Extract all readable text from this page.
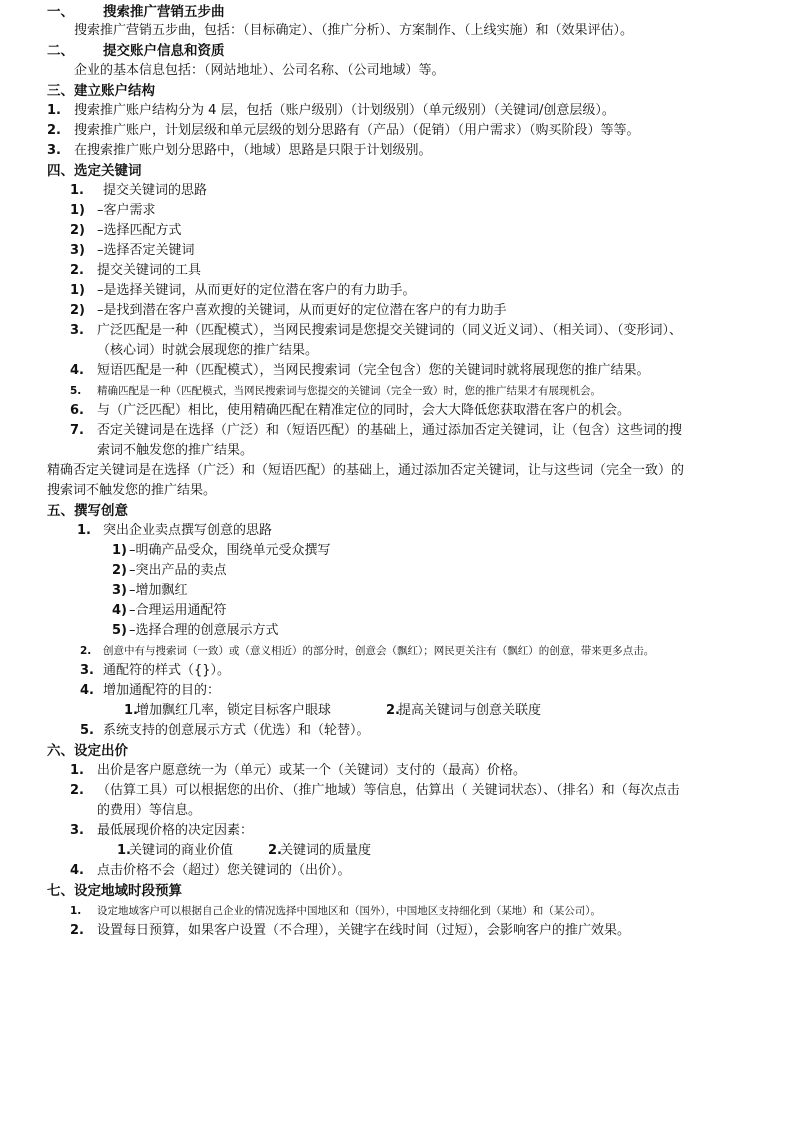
一、 搜索推广营销五步曲
搜索推广营销五步曲，包括：（目标确定）、（推广分析）、方案制作、（上线实施）和（效果评估）。
二、 提交账户信息和资质
企业的基本信息包括：（网站地址）、公司名称、（公司地域）等。
三、建立账户结构
1. 搜索推广账户结构分为 4 层，包括（账户级别）（计划级别）（单元级别）（关键词/创意层级）。
2. 搜索推广账户，计划层级和单元层级的划分思路有（产品）（促销）（用户需求）（购买阶段）等等。
3. 在搜索推广账户划分思路中，（地域）思路是只限于计划级别。
四、选定关键词
1. 提交关键词的思路
1) –客户需求
2) –选择匹配方式
3) –选择否定关键词
2. 提交关键词的工具
1) –是选择关键词，从而更好的定位潜在客户的有力助手。
2) –是找到潜在客户喜欢搜的关键词，从而更好的定位潜在客户的有力助手
3. 广泛匹配是一种（匹配模式），当网民搜索词是您提交关键词的（同义近义词）、（相关词）、（变形词）、
（核心词）时就会展现您的推广结果。
4. 短语匹配是一种（匹配模式），当网民搜索词（完全包含）您的关键词时就将展现您的推广结果。
5. 精确匹配是一种（匹配模式，当网民搜索词与您提交的关键词（完全一致）时，您的推广结果才有展现机会。
6. 与（广泛匹配）相比，使用精确匹配在精准定位的同时，会大大降低您获取潜在客户的机会。
7. 否定关键词是在选择（广泛）和（短语匹配）的基础上，通过添加否定关键词，让（包含）这些词的搜
索词不触发您的推广结果。
精确否定关键词是在选择（广泛）和（短语匹配）的基础上，通过添加否定关键词，让与这些词（完全一致）的
搜索词不触发您的推广结果。
五、撰写创意
1. 突出企业卖点撰写创意的思路
1) –明确产品受众，围绕单元受众撰写
2) –突出产品的卖点
3) –增加飘红
4) –合理运用通配符
5) –选择合理的创意展示方式
2. 创意中有与搜索词（一致）或（意义相近）的部分时，创意会（飘红）；网民更关注有（飘红）的创意，带来更多点击。
3. 通配符的样式（{}）。
4. 增加通配符的目的：
1.
增加飘红几率，锁定目标客户眼球	2.
提高关键词与创意关联度
5. 系统支持的创意展示方式（优选）和（轮替）。
六、设定出价
1. 出价是客户愿意统一为（单元）或某一个（关键词）支付的（最高）价格。
2. （估算工具）可以根据您的出价、（推广地域）等信息，估算出（ 关键词状态）、（排名）和（每次点击
的费用）等信息。
3. 最低展现价格的决定因素：
1.
关键词的商业价值	2.
关键词的质量度
4. 点击价格不会（超过）您关键词的（出价）。
七、设定地域时段预算
1. 设定地域客户可以根据自己企业的情况选择中国地区和（国外），中国地区支持细化到（某地）和（某公司）。
2. 设置每日预算，如果客户设置（不合理），关键字在线时间（过短），会影响客户的推广效果。
